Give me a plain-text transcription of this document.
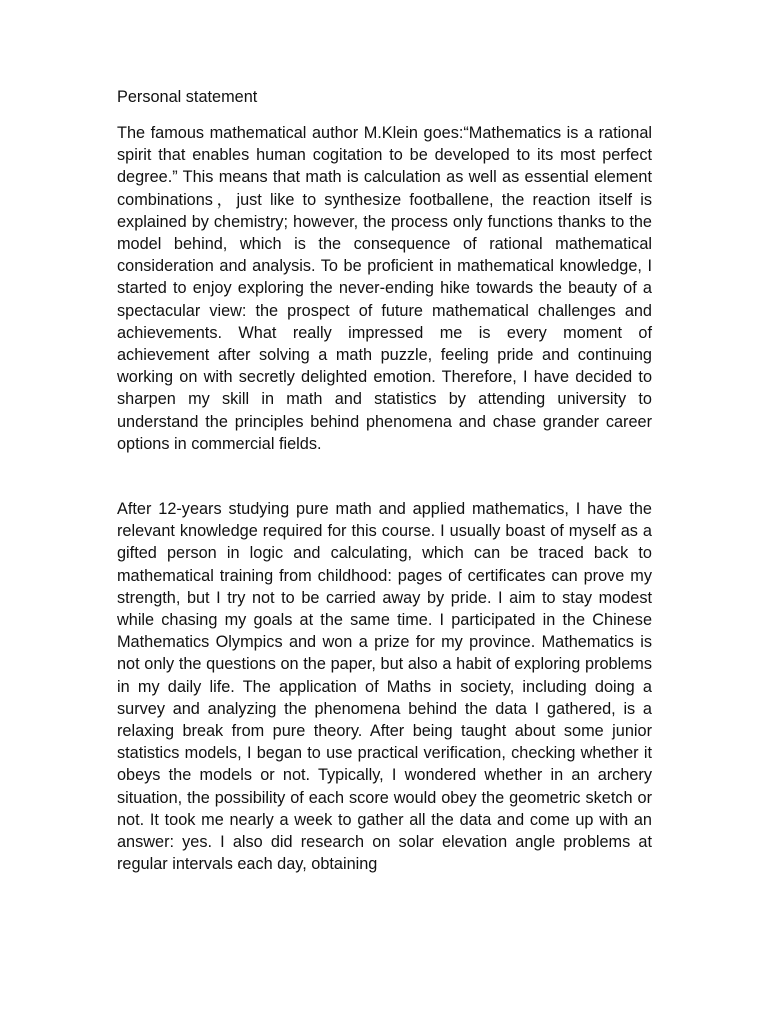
Personal statement

The famous mathematical author M.Klein goes:“Mathematics is a rational spirit that enables human cogitation to be developed to its most perfect degree.” This means that math is calculation as well as essential element combinations，just like to synthesize footballene, the reaction itself is explained by chemistry; however, the process only functions thanks to the model behind, which is the consequence of rational mathematical consideration and analysis. To be proficient in mathematical knowledge, I started to enjoy exploring the never-ending hike towards the beauty of a spectacular view: the prospect of future mathematical challenges and achievements. What really impressed me is every moment of achievement after solving a math puzzle, feeling pride and continuing working on with secretly delighted emotion. Therefore, I have decided to sharpen my skill in math and statistics by attending university to understand the principles behind phenomena and chase grander career options in commercial fields.

After 12-years studying pure math and applied mathematics, I have the relevant knowledge required for this course. I usually boast of myself as a gifted person in logic and calculating, which can be traced back to mathematical training from childhood: pages of certificates can prove my strength, but I try not to be carried away by pride. I aim to stay modest while chasing my goals at the same time. I participated in the Chinese Mathematics Olympics and won a prize for my province. Mathematics is not only the questions on the paper, but also a habit of exploring problems in my daily life. The application of Maths in society, including doing a survey and analyzing the phenomena behind the data I gathered, is a relaxing break from pure theory. After being taught about some junior statistics models, I began to use practical verification, checking whether it obeys the models or not. Typically, I wondered whether in an archery situation, the possibility of each score would obey the geometric sketch or not. It took me nearly a week to gather all the data and come up with an answer: yes. I also did research on solar elevation angle problems at regular intervals each day, obtaining
